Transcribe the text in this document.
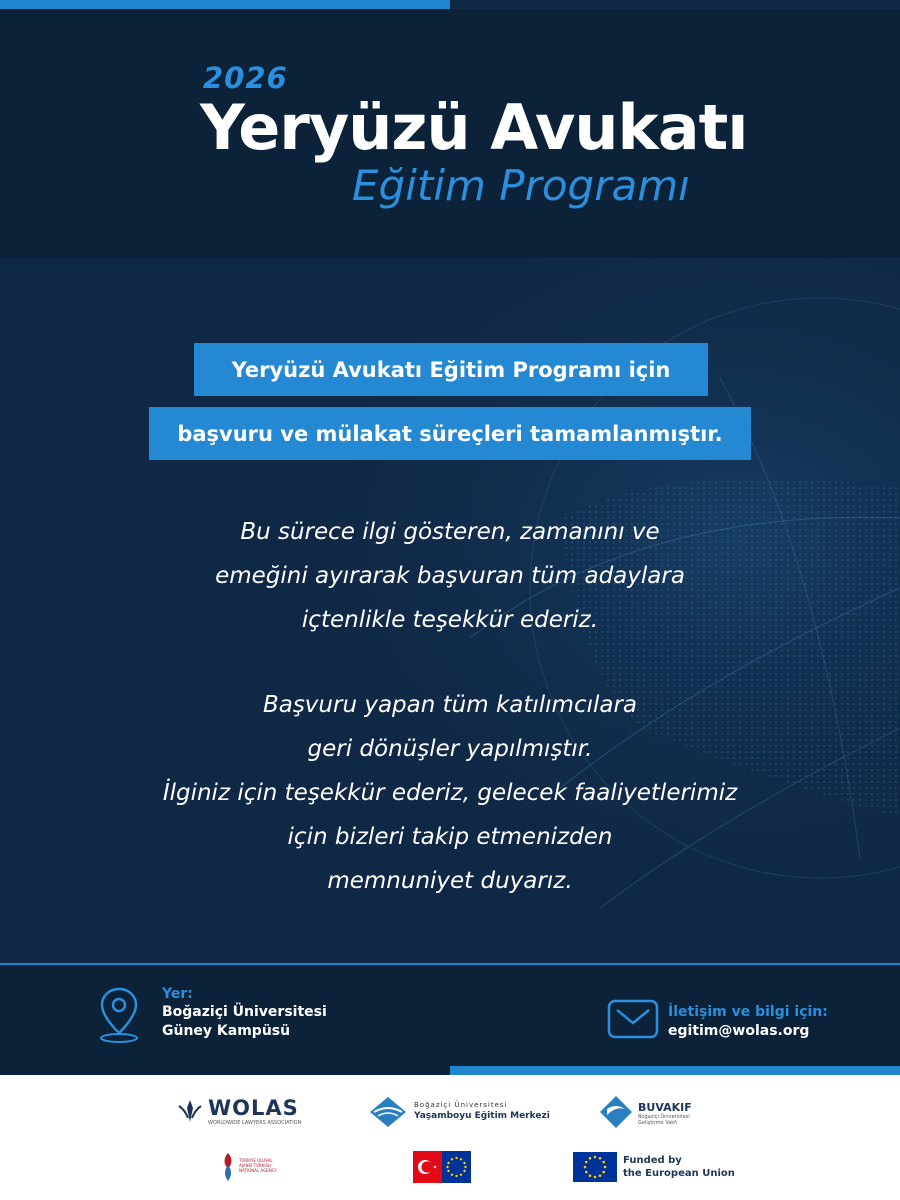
2026
Yeryüzü Avukatı
Eğitim Programı
Yeryüzü Avukatı Eğitim Programı için
başvuru ve mülakat süreçleri tamamlanmıştır.
Bu sürece ilgi gösteren, zamanını ve
emeğini ayırarak başvuran tüm adaylara
içtenlikle teşekkür ederiz.
Başvuru yapan tüm katılımcılara
geri dönüşler yapılmıştır.
İlginiz için teşekkür ederiz, gelecek faaliyetlerimiz
için bizleri takip etmenizden
memnuniyet duyarız.
Yer:
Boğaziçi Üniversitesi
Güney Kampüsü
İletişim ve bilgi için:
egitim@wolas.org
WOLAS
WORLDWIDE LAWYERS ASSOCIATION
Boğaziçi Üniversitesi
Yaşamboyu Eğitim Merkezi
BUVAKIF
Boğaziçi Üniversitesi Geliştirme Vakfı
TÜRKİYE ULUSAL AJANSI TURKISH NATIONAL AGENCY
Funded by
the European Union
